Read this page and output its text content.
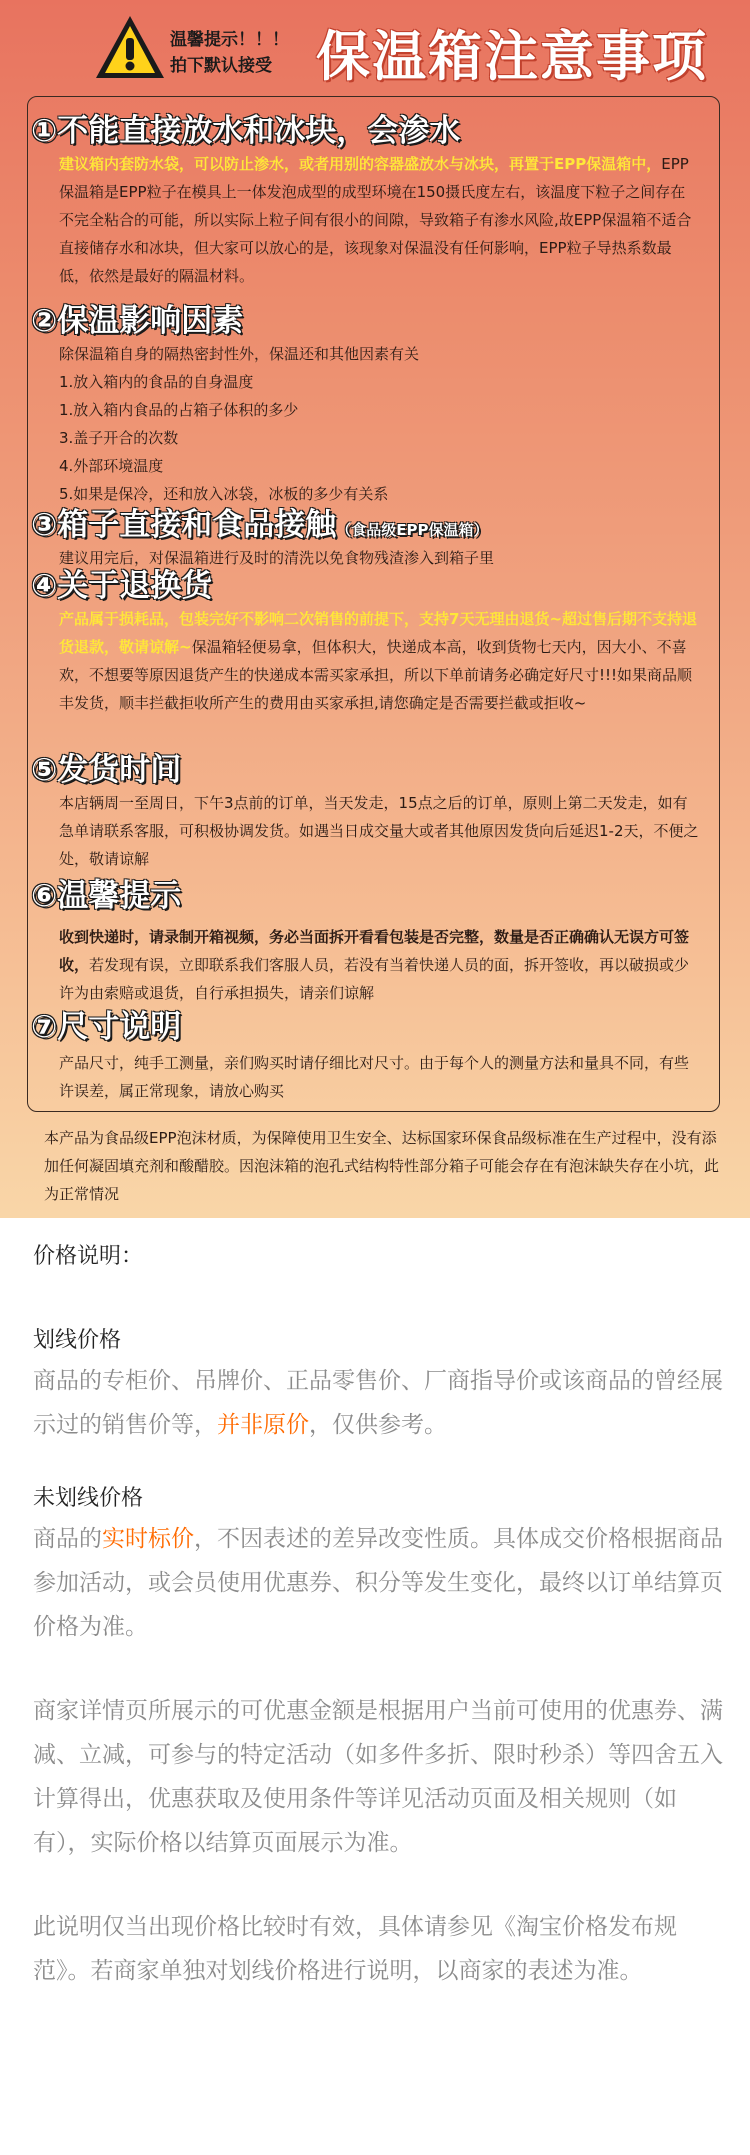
温馨提示！！！
拍下默认接受 保温箱注意事项
①不能直接放水和冰块，会渗水
建议箱内套防水袋，可以防止渗水，或者用别的容器盛放水与冰块，再置于EPP保温箱中，EPP保温箱是EPP粒子在模具上一体发泡成型的成型环境在150摄氏度左右，该温度下粒子之间存在不完全粘合的可能，所以实际上粒子间有很小的间隙，导致箱子有渗水风险,故EPP保温箱不适合直接储存水和冰块，但大家可以放心的是，该现象对保温没有任何影响，EPP粒子导热系数最低，依然是最好的隔温材料。
②保温影响因素
除保温箱自身的隔热密封性外，保温还和其他因素有关
1.放入箱内的食品的自身温度
1.放入箱内食品的占箱子体积的多少
3.盖子开合的次数
4.外部环境温度
5.如果是保冷，还和放入冰袋，冰板的多少有关系
③箱子直接和食品接触（食品级EPP保温箱）
建议用完后，对保温箱进行及时的清洗以免食物残渣渗入到箱子里
④关于退换货
产品属于损耗品，包装完好不影响二次销售的前提下，支持7天无理由退货~超过售后期不支持退货退款，敬请谅解~保温箱轻便易拿，但体积大，快递成本高，收到货物七天内，因大小、不喜欢，不想要等原因退货产生的快递成本需买家承担，所以下单前请务必确定好尺寸!!!如果商品顺丰发货，顺丰拦截拒收所产生的费用由买家承担,请您确定是否需要拦截或拒收~
⑤发货时间
本店辆周一至周日，下午3点前的订单，当天发走，15点之后的订单，原则上第二天发走，如有急单请联系客服，可积极协调发货。如遇当日成交量大或者其他原因发货向后延迟1-2天，不便之处，敬请谅解
⑥温馨提示
收到快递时，请录制开箱视频，务必当面拆开看看包装是否完整，数量是否正确确认无误方可签收，若发现有误，立即联系我们客服人员，若没有当着快递人员的面，拆开签收，再以破损或少许为由索赔或退货，自行承担损失，请亲们谅解
⑦尺寸说明
产品尺寸，纯手工测量，亲们购买时请仔细比对尺寸。由于每个人的测量方法和量具不同，有些许误差，属正常现象，请放心购买
本产品为食品级EPP泡沫材质，为保障使用卫生安全、达标国家环保食品级标准在生产过程中，没有添加任何凝固填充剂和酸醋胶。因泡沫箱的泡孔式结构特性部分箱子可能会存在有泡沫缺失存在小坑，此为正常情况
价格说明：
划线价格
商品的专柜价、吊牌价、正品零售价、厂商指导价或该商品的曾经展示过的销售价等，并非原价，仅供参考。
未划线价格
商品的实时标价，不因表述的差异改变性质。具体成交价格根据商品参加活动，或会员使用优惠券、积分等发生变化，最终以订单结算页价格为准。
商家详情页所展示的可优惠金额是根据用户当前可使用的优惠券、满减、立减，可参与的特定活动（如多件多折、限时秒杀）等四舍五入计算得出，优惠获取及使用条件等详见活动页面及相关规则（如有），实际价格以结算页面展示为准。
此说明仅当出现价格比较时有效，具体请参见《淘宝价格发布规范》。若商家单独对划线价格进行说明，以商家的表述为准。
